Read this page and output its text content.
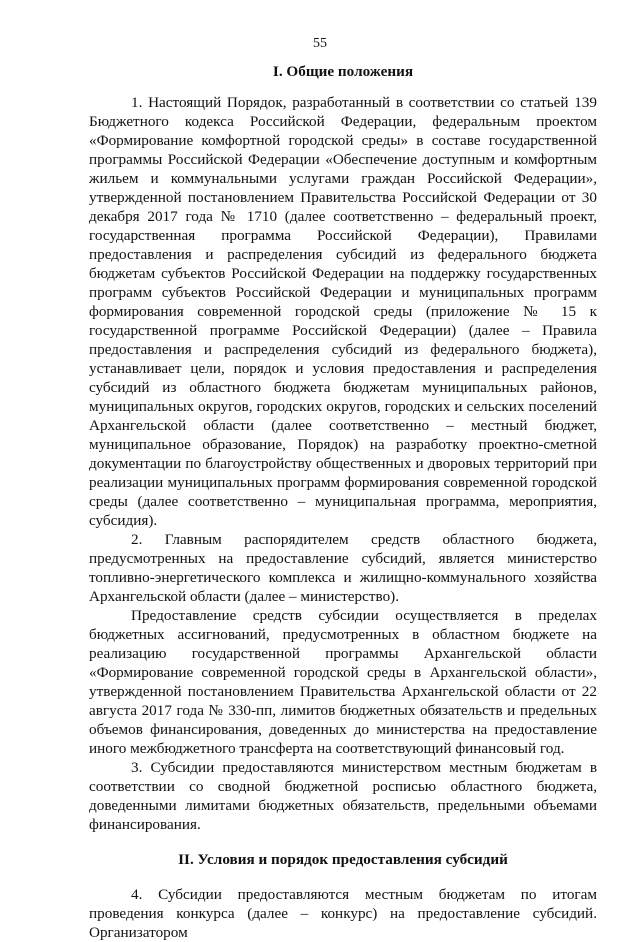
55

I. Общие положения

1. Настоящий Порядок, разработанный в соответствии со статьей 139 Бюджетного кодекса Российской Федерации, федеральным проектом «Формирование комфортной городской среды» в составе государственной программы Российской Федерации «Обеспечение доступным и комфортным жильем и коммунальными услугами граждан Российской Федерации», утвержденной постановлением Правительства Российской Федерации от 30 декабря 2017 года № 1710 (далее соответственно – федеральный проект, государственная программа Российской Федерации), Правилами предоставления и распределения субсидий из федерального бюджета бюджетам субъектов Российской Федерации на поддержку государственных программ субъектов Российской Федерации и муниципальных программ формирования современной городской среды (приложение № 15 к государственной программе Российской Федерации) (далее – Правила предоставления и распределения субсидий из федерального бюджета), устанавливает цели, порядок и условия предоставления и распределения субсидий из областного бюджета бюджетам муниципальных районов, муниципальных округов, городских округов, городских и сельских поселений Архангельской области (далее соответственно – местный бюджет, муниципальное образование, Порядок) на разработку проектно-сметной документации по благоустройству общественных и дворовых территорий при реализации муниципальных программ формирования современной городской среды (далее соответственно – муниципальная программа, мероприятия, субсидия).

2. Главным распорядителем средств областного бюджета, предусмотренных на предоставление субсидий, является министерство топливно-энергетического комплекса и жилищно-коммунального хозяйства Архангельской области (далее – министерство).

Предоставление средств субсидии осуществляется в пределах бюджетных ассигнований, предусмотренных в областном бюджете на реализацию государственной программы Архангельской области «Формирование современной городской среды в Архангельской области», утвержденной постановлением Правительства Архангельской области от 22 августа 2017 года № 330-пп, лимитов бюджетных обязательств и предельных объемов финансирования, доведенных до министерства на предоставление иного межбюджетного трансферта на соответствующий финансовый год.

3. Субсидии предоставляются министерством местным бюджетам в соответствии со сводной бюджетной росписью областного бюджета, доведенными лимитами бюджетных обязательств, предельными объемами финансирования.

II. Условия и порядок предоставления субсидий

4. Субсидии предоставляются местным бюджетам по итогам проведения конкурса (далее – конкурс) на предоставление субсидий. Организатором
